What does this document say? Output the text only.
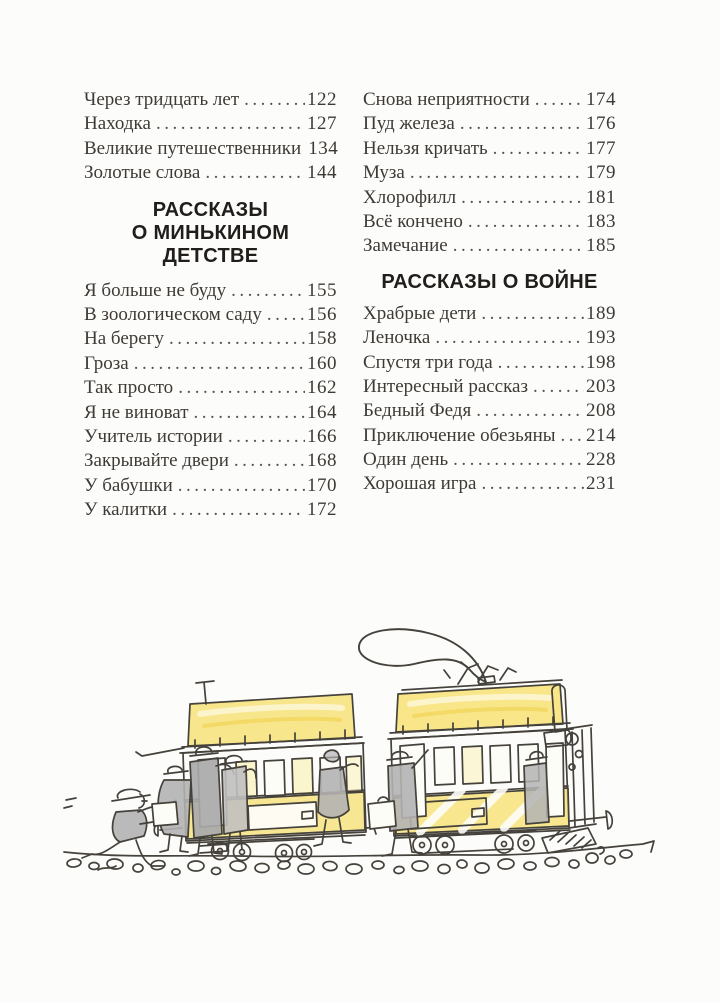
Через тридцать лет .....	122
Находка .....	127
Великие путешественники 134
Золотые слова .....	144
РАССКАЗЫ
О МИНЬКИНОМ ДЕТСТВЕ
Я больше не буду .....	155
В зоологическом саду ..... 156
На берегу .....	158
Гроза .....	160
Так просто .....	162
Я не виноват .....	164
Учитель истории .....	166
Закрывайте двери .....	168
У бабушки .....	170
У калитки .....	172
Снова неприятности .....	174
Пуд железа .....	176
Нельзя кричать .....	177
Муза .....	179
Хлорофилл .....	181
Всё кончено .....	183
Замечание .....	185
РАССКАЗЫ О ВОЙНЕ
Храбрые дети .....	189
Леночка .....	193
Спустя три года .....	198
Интересный рассказ .....	203
Бедный Федя .....	208
Приключение обезьяны ..... 214
Один день .....	228
Хорошая игра .....	231
